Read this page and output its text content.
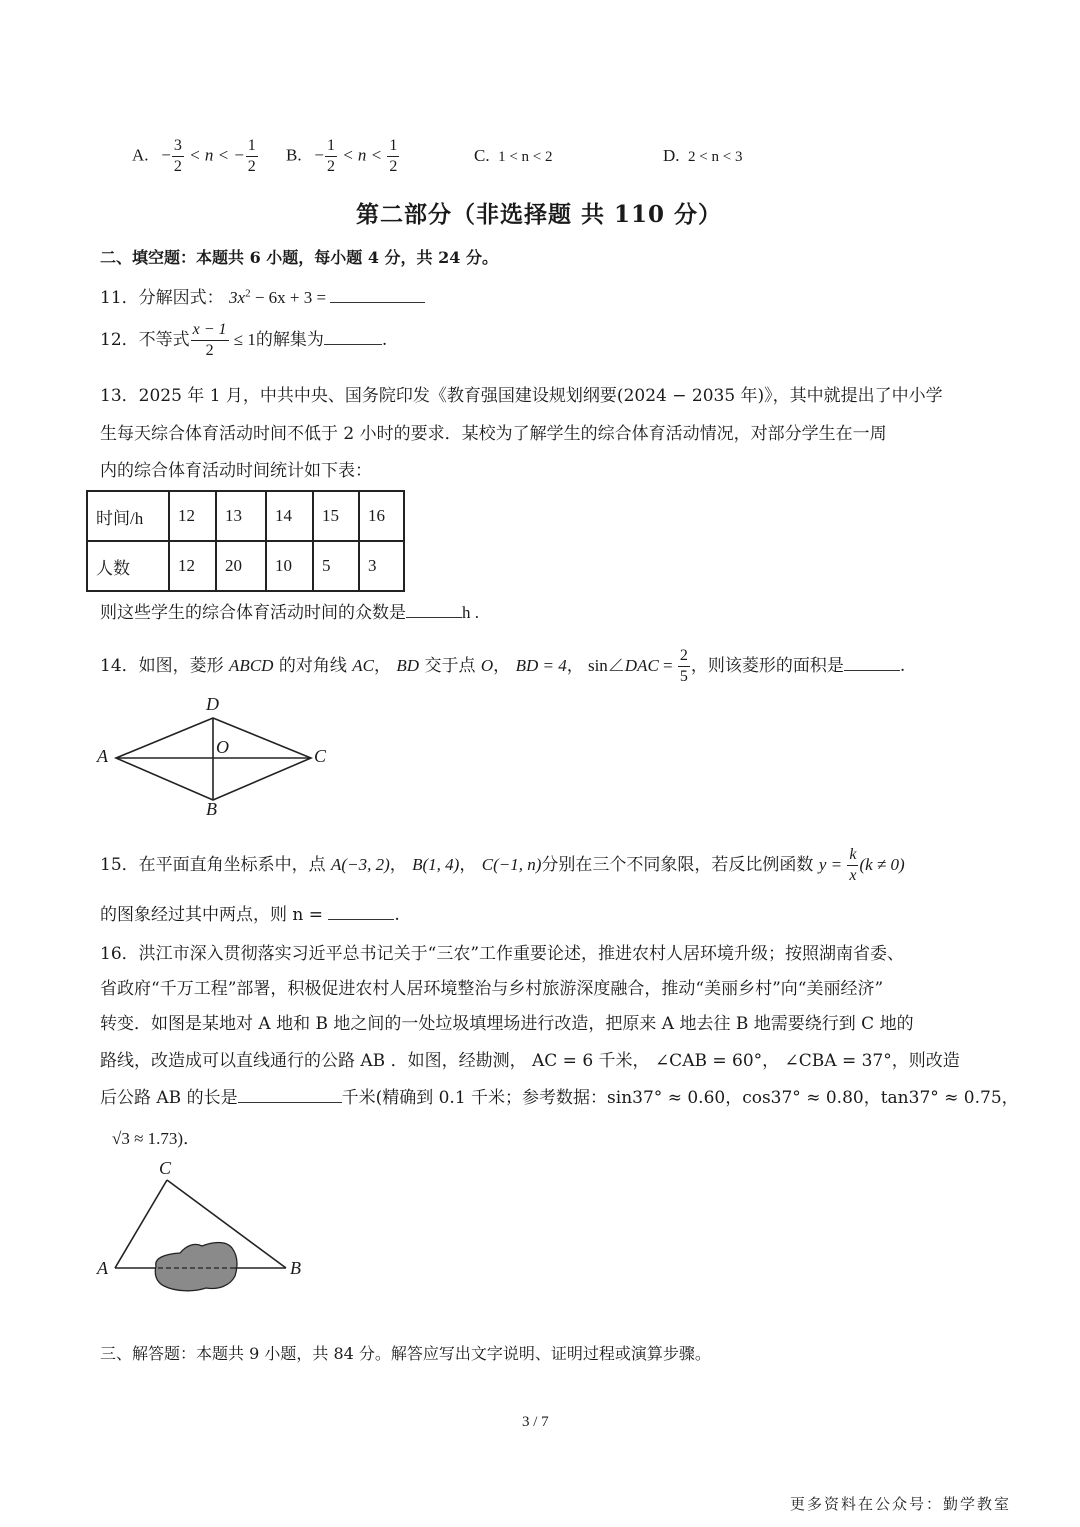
A. − $\frac{3}{2} < n$ < − $\frac{1}{2} B$. − $\frac{1}{2} < n < \frac{1}{2}$	C. 1 < n < 2	D. 2 < n < 3
第二部分（非选择题 共 110 分）
二、填空题：本题共 6 小题，每小题 4 分，共 24 分。
11．分解因式： $3x^2 - 6x + 3$ =
12．不等式 $\frac{x - 1}{2} \le 1$的解集为	.
13．2025 年 1 月，中共中央、国务院印发《教育强国建设规划纲要(2024 − 2035 年)》，其中就提出了中小学
生每天综合体育活动时间不低于 2 小时的要求．某校为了解学生的综合体育活动情况，对部分学生在一周
内的综合体育活动时间统计如下表：
时间/h	12	13	14	15	16
人数	12	20	10	5	3
则这些学生的综合体育活动时间的众数是	h .
14．如图，菱形 ABCD 的对角线 AC， BD 交于点 O， BD = 4， sin∠DAC = $\frac{2}{5}$ ，则该菱形的面积是	.
D
O
A	C
B
15．在平面直角坐标系中，点 A(−3, 2)， B(1, 4)， C(−1, n)分别在三个不同象限，若反比例函数 $y = \frac{k}{x} (k \ne 0)$
的图象经过其中两点，则 n =	.
16．洪江市深入贯彻落实习近平总书记关于“三农”工作重要论述，推进农村人居环境升级；按照湖南省委、
省政府“千万工程”部署，积极促进农村人居环境整治与乡村旅游深度融合，推动“美丽乡村”向“美丽经济”
转变．如图是某地对 A 地和 B 地之间的一处垃圾填埋场进行改造，把原来 A 地去往 B 地需要绕行到 C 地的
路线，改造成可以直线通行的公路 AB ．如图，经勘测， AC = 6 千米， ∠CAB = 60°， ∠CBA = 37°，则改造
后公路 AB 的长是	千米(精确到 0.1 千米；参考数据：sin37° ≈ 0.60，cos37° ≈ 0.80，tan37° ≈ 0.75，
√3 ≈ 1.73)．
C
A	B
三、解答题：本题共 9 小题，共 84 分。解答应写出文字说明、证明过程或演算步骤。
3 / 7
更多资料在公众号：勤学教室
